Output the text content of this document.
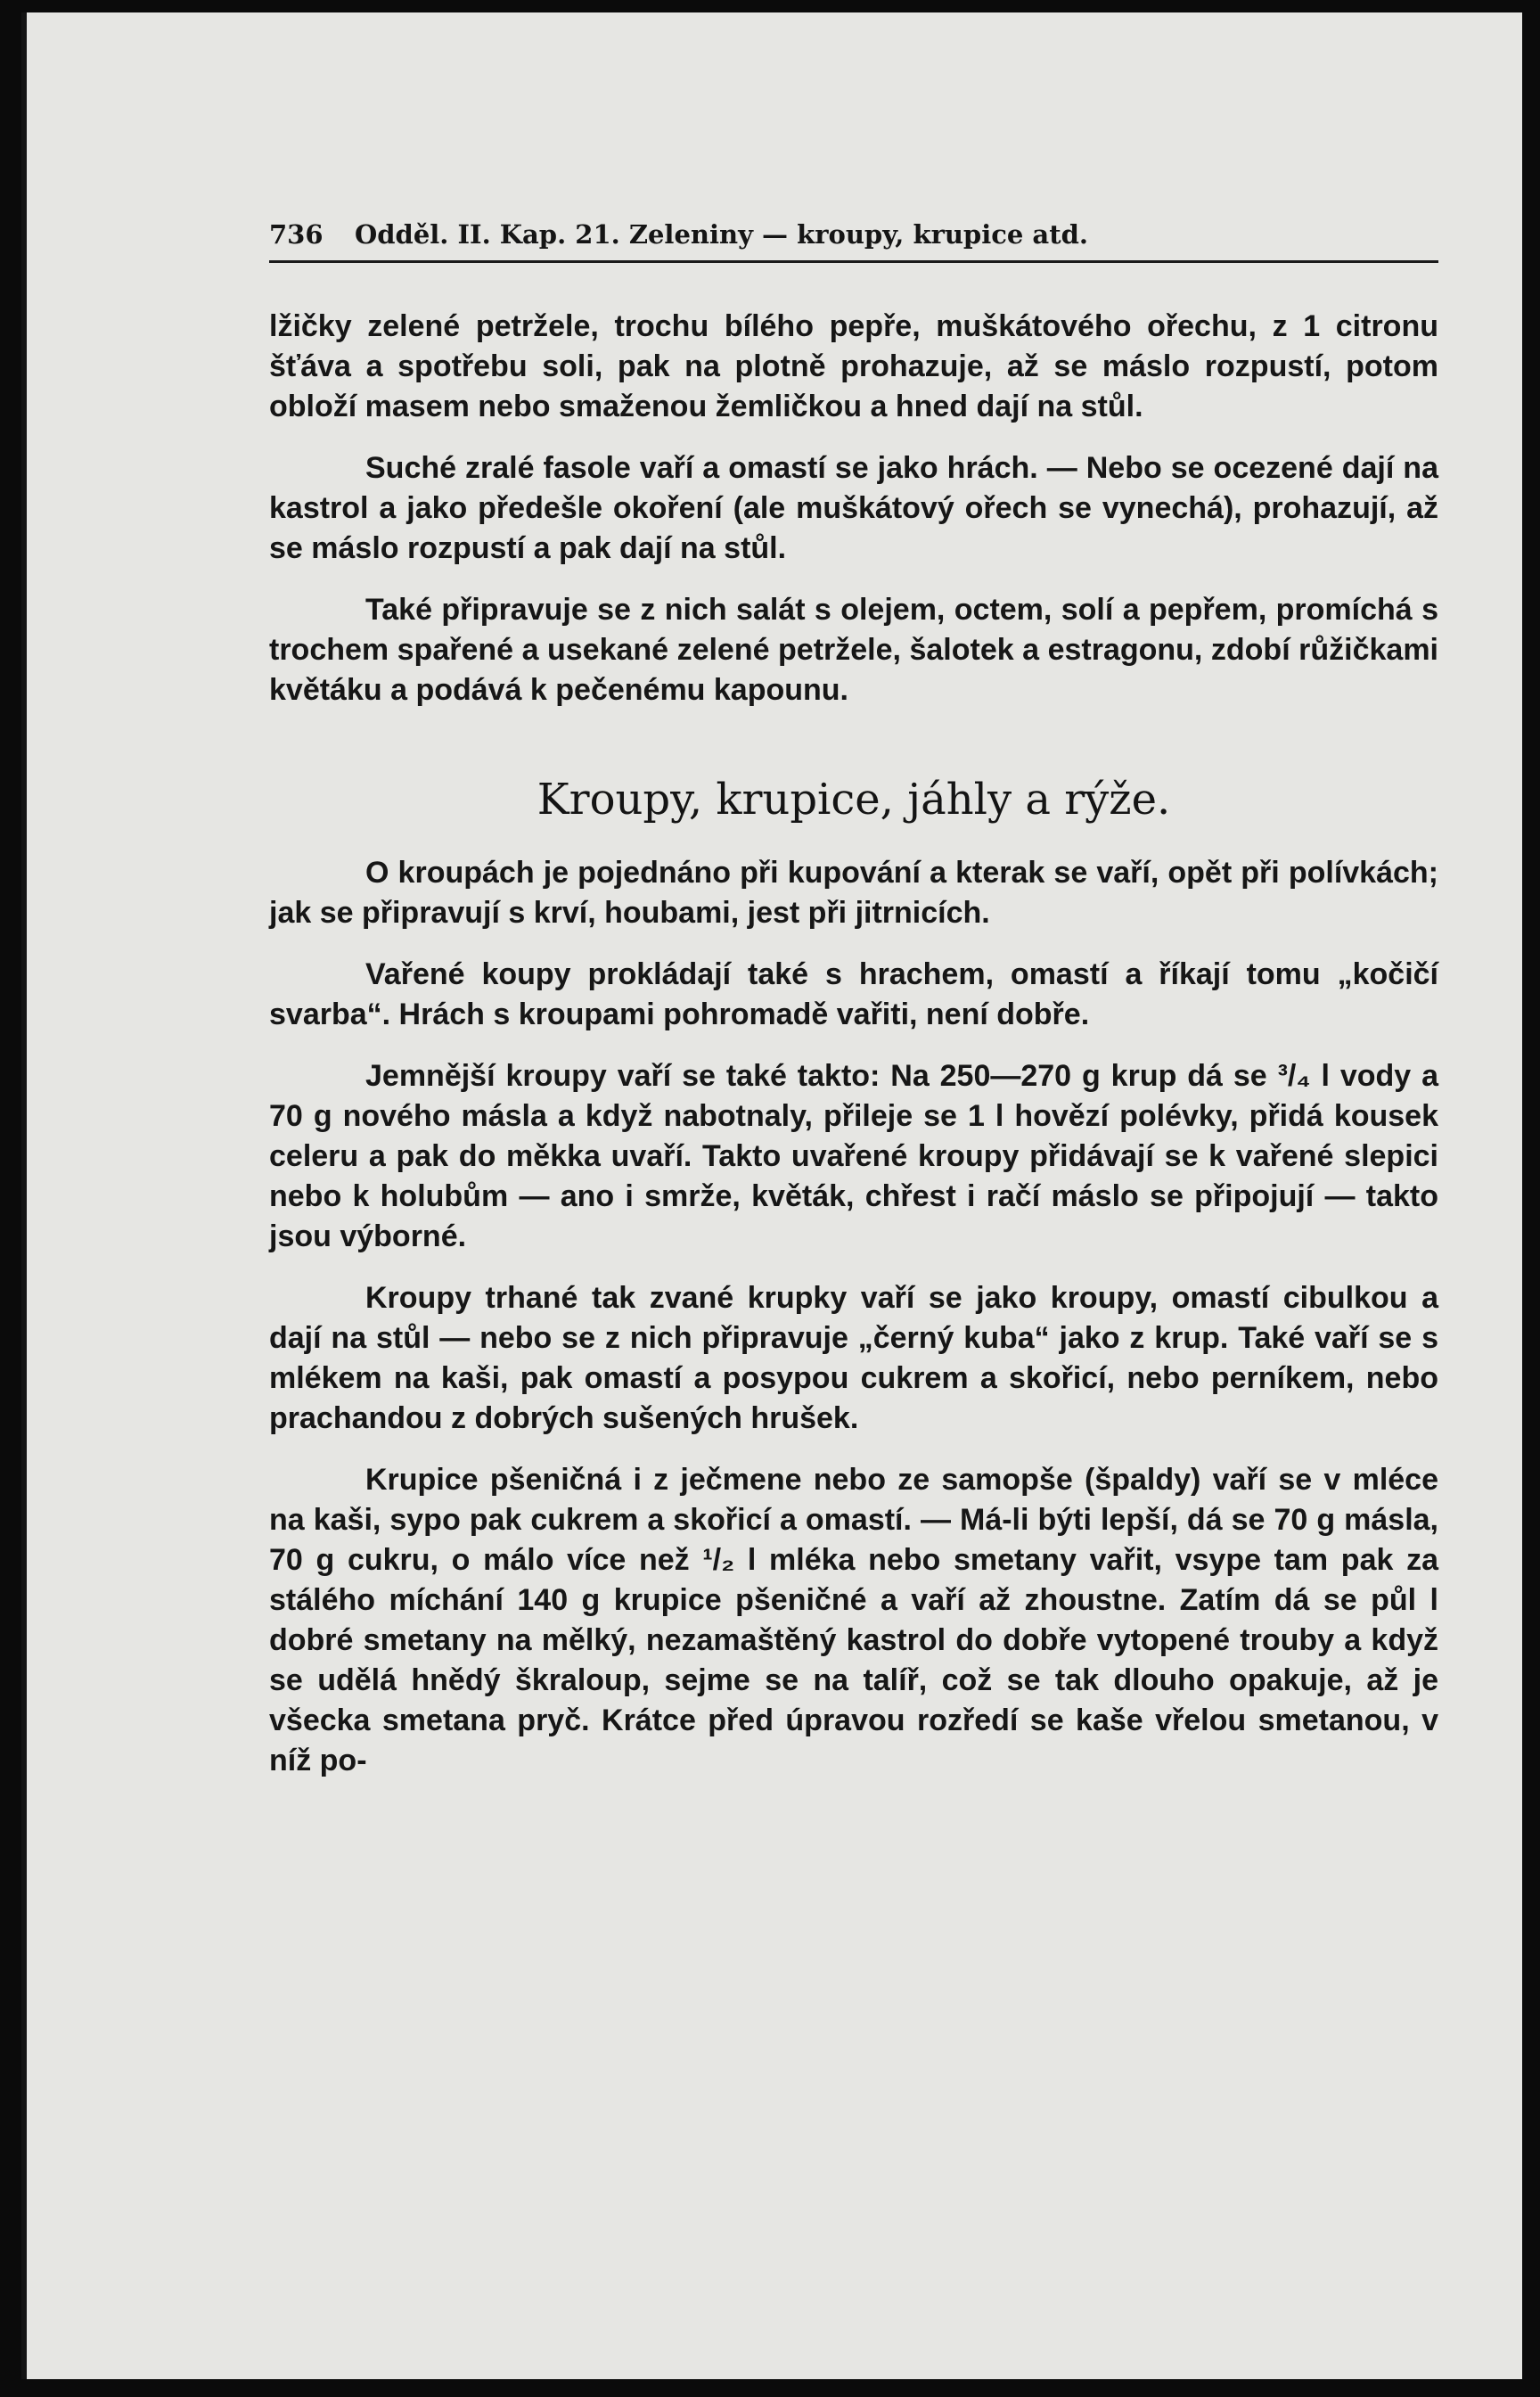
736 Odděl. II. Kap. 21. Zeleniny — kroupy, krupice atd.

lžičky zelené petržele, trochu bílého pepře, muškátového ořechu, z 1 citronu šťáva a spotřebu soli, pak na plotně prohazuje, až se máslo rozpustí, potom obloží masem nebo smaženou žemličkou a hned dají na stůl.

Suché zralé fasole vaří a omastí se jako hrách. — Nebo se ocezené dají na kastrol a jako předešle okoření (ale muškátový ořech se vynechá), prohazují, až se máslo rozpustí a pak dají na stůl.

Také připravuje se z nich salát s olejem, octem, solí a pepřem, promíchá s trochem spařené a usekané zelené petržele, šalotek a estragonu, zdobí růžičkami květáku a podává k pečenému kapounu.

Kroupy, krupice, jáhly a rýže.

O kroupách je pojednáno při kupování a kterak se vaří, opět při polívkách; jak se připravují s krví, houbami, jest při jitrnicích.

Vařené koupy prokládají také s hrachem, omastí a říkají tomu „kočičí svarba“. Hrách s kroupami pohromadě vařiti, není dobře.

Jemnější kroupy vaří se také takto: Na 250—270 g krup dá se ³/₄ l vody a 70 g nového másla a když nabotnaly, přileje se 1 l hovězí polévky, přidá kousek celeru a pak do měkka uvaří. Takto uvařené kroupy přidávají se k vařené slepici nebo k holubům — ano i smrže, květák, chřest i račí máslo se připojují — takto jsou výborné.

Kroupy trhané tak zvané krupky vaří se jako kroupy, omastí cibulkou a dají na stůl — nebo se z nich připravuje „černý kuba“ jako z krup. Také vaří se s mlékem na kaši, pak omastí a posypou cukrem a skořicí, nebo perníkem, nebo prachandou z dobrých sušených hrušek.

Krupice pšeničná i z ječmene nebo ze samopše (špaldy) vaří se v mléce na kaši, sypo pak cukrem a skořicí a omastí. — Má-li býti lepší, dá se 70 g másla, 70 g cukru, o málo více než ¹/₂ l mléka nebo smetany vařit, vsype tam pak za stálého míchání 140 g krupice pšeničné a vaří až zhoustne. Zatím dá se půl l dobré smetany na mělký, nezamaštěný kastrol do dobře vytopené trouby a když se udělá hnědý škraloup, sejme se na talíř, což se tak dlouho opakuje, až je všecka smetana pryč. Krátce před úpravou rozředí se kaše vřelou smetanou, v níž po-
